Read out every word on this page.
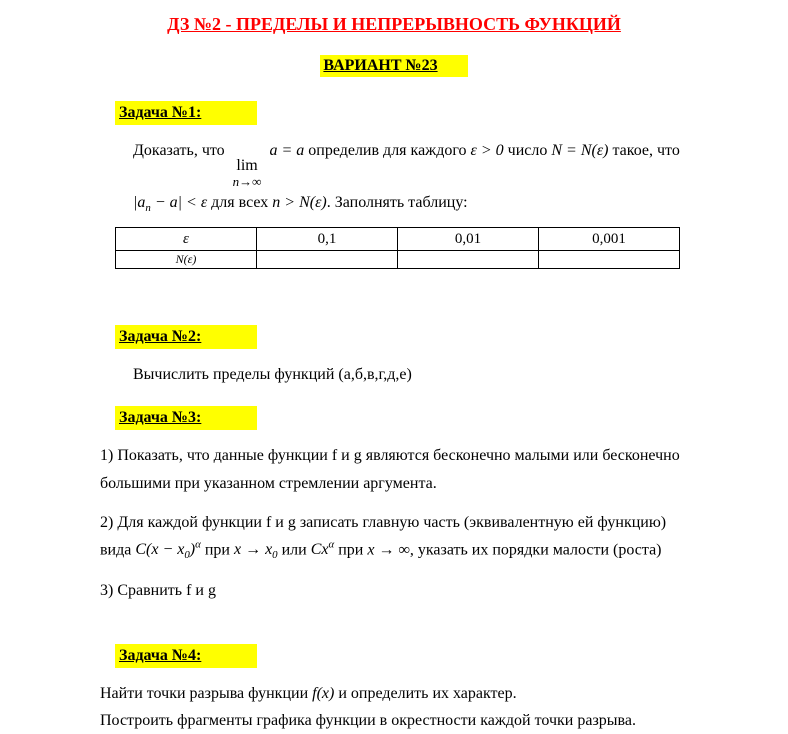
ДЗ №2 - ПРЕДЕЛЫ И НЕПРЕРЫВНОСТЬ ФУНКЦИЙ
ВАРИАНТ №23
Задача №1:

Доказать, что
lim
n→∞
a = a определив для каждого ε > 0 число N = N(ε) такое, что $|a_n - a| < \varepsilon$ для всех n > N(ε). Заполнять таблицу:

ε	0,1	0,01	0,001
N(ε)			
Задача №2:

Вычислить пределы функций (а,б,в,г,д,е)

Задача №3:

1) Показать, что данные функции f и g являются бесконечно малыми или бесконечно большими при указанном стремлении аргумента.

2) Для каждой функции f и g записать главную часть (эквивалентную ей функцию) вида $C(x - x_0)^\alpha$ при $x \to x_0$ или $Cx^\alpha$ при x → ∞, указать их порядки малости (роста)

3) Сравнить f и g

Задача №4:

Найти точки разрыва функции f(x) и определить их характер.
Построить фрагменты графика функции в окрестности каждой точки разрыва.
